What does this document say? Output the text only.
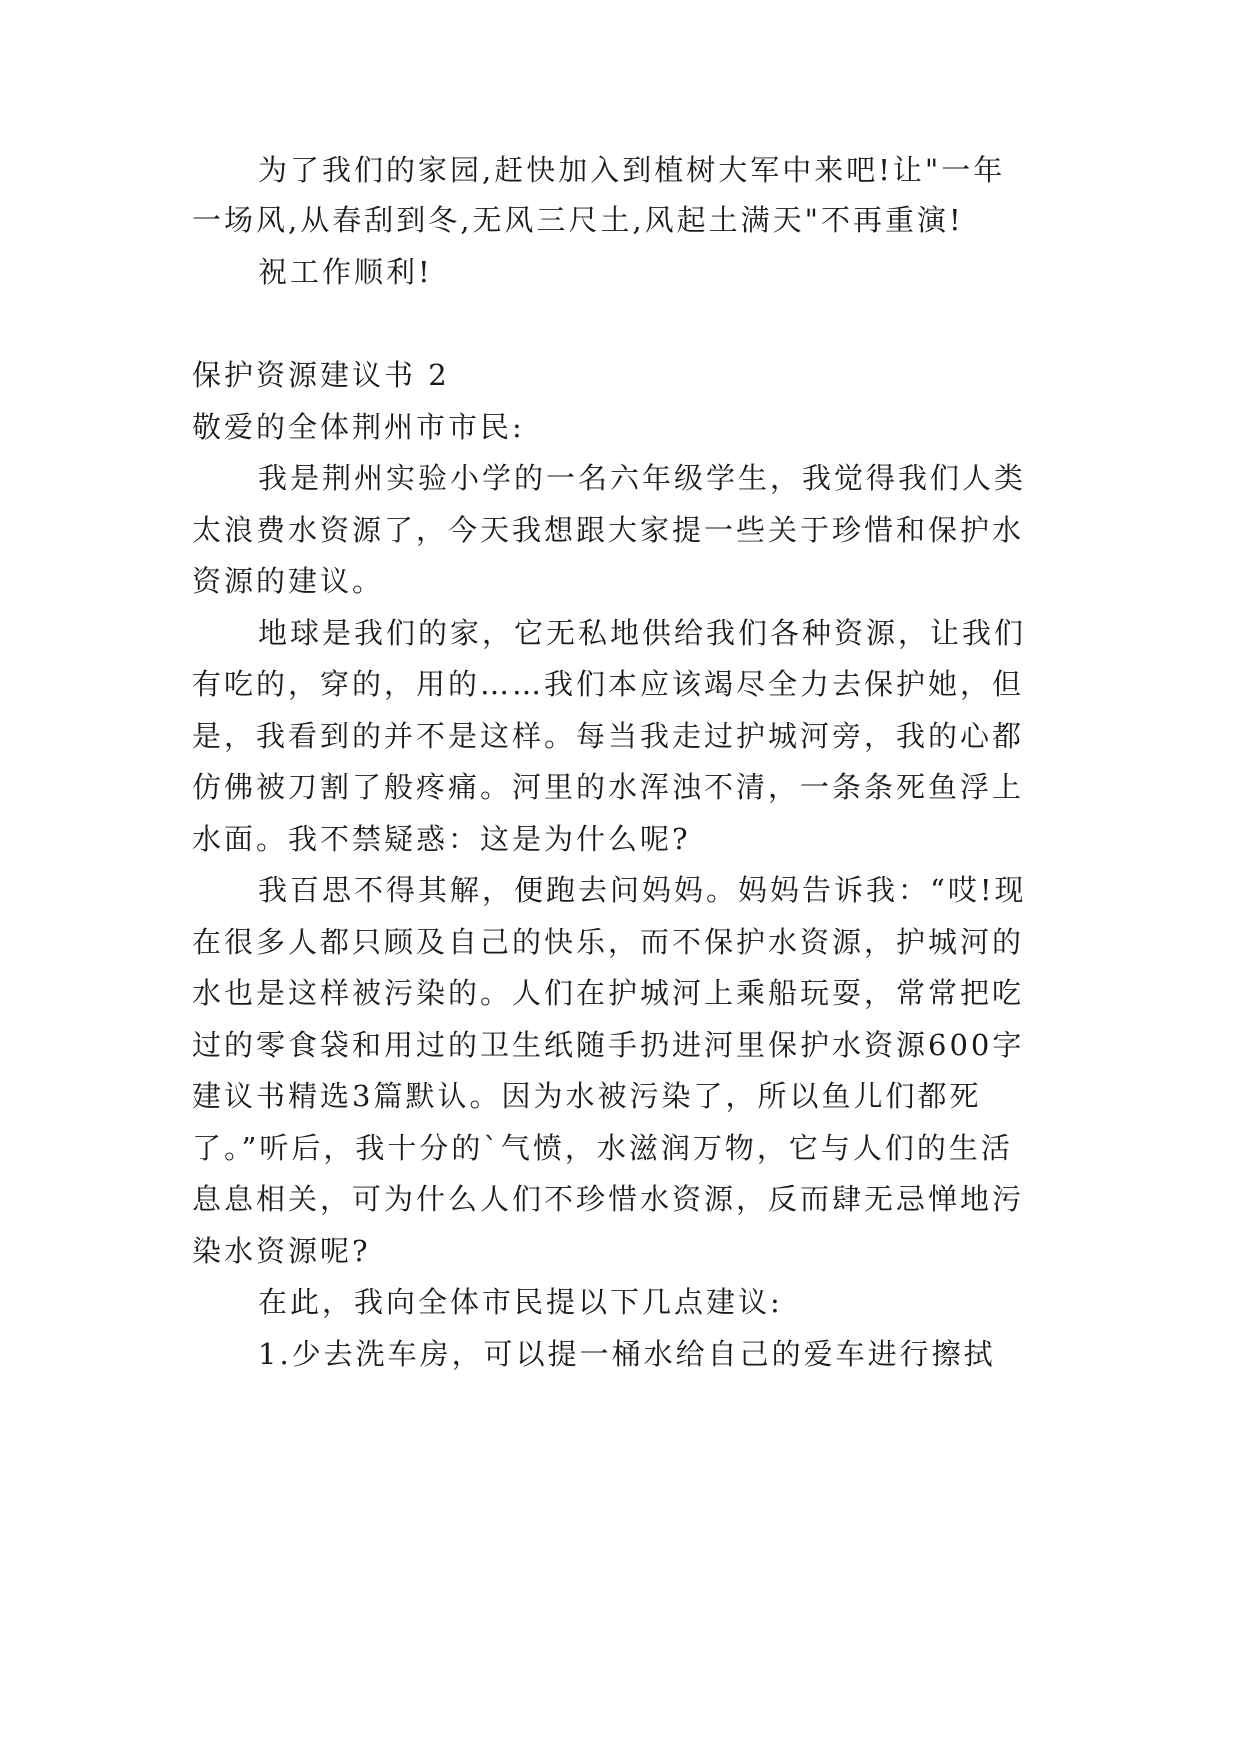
为了我们的家园,赶快加入到植树大军中来吧!让"一年
一场风,从春刮到冬,无风三尺土,风起土满天"不再重演!
祝工作顺利!
保护资源建议书 2
敬爱的全体荆州市市民:
我是荆州实验小学的一名六年级学生，我觉得我们人类
太浪费水资源了，今天我想跟大家提一些关于珍惜和保护水
资源的建议。
地球是我们的家，它无私地供给我们各种资源，让我们
有吃的，穿的，用的……我们本应该竭尽全力去保护她，但
是，我看到的并不是这样。每当我走过护城河旁，我的心都
仿佛被刀割了般疼痛。河里的水浑浊不清，一条条死鱼浮上
水面。我不禁疑惑：这是为什么呢?
我百思不得其解，便跑去问妈妈。妈妈告诉我：“哎!现
在很多人都只顾及自己的快乐，而不保护水资源，护城河的
水也是这样被污染的。人们在护城河上乘船玩耍，常常把吃
过的零食袋和用过的卫生纸随手扔进河里保护水资源600字
建议书精选3篇默认。因为水被污染了，所以鱼儿们都死
了。”听后，我十分的`气愤，水滋润万物，它与人们的生活
息息相关，可为什么人们不珍惜水资源，反而肆无忌惮地污
染水资源呢?
在此，我向全体市民提以下几点建议:
1.少去洗车房，可以提一桶水给自己的爱车进行擦拭
